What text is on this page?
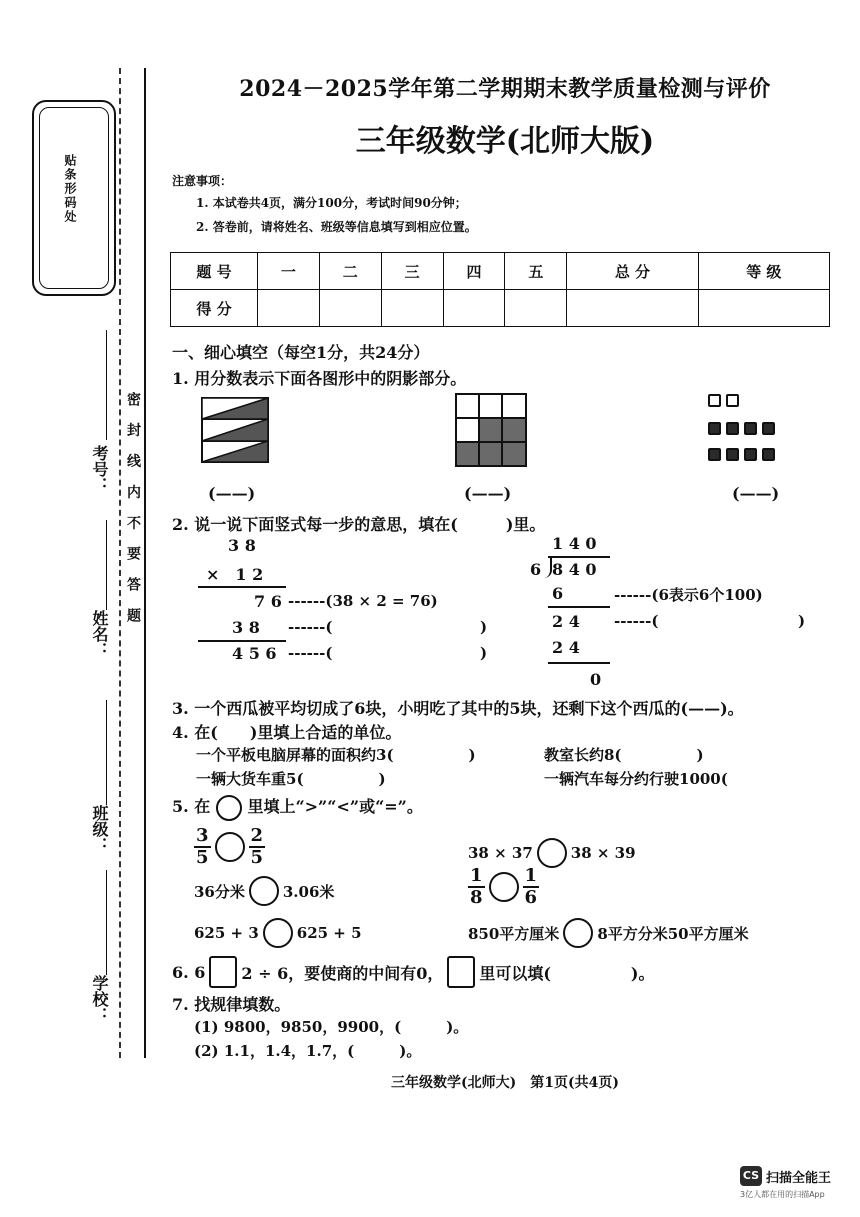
贴条形码处
密 封 线 内 不 要 答 题
考号：
姓名：
班级：
学校：
2024－2025学年第二学期期末教学质量检测与评价
三年级数学(北师大版)
注意事项：
1. 本试卷共4页，满分100分，考试时间90分钟；
2. 答卷前，请将姓名、班级等信息填写到相应位置。
题 号	一	二	三	四	五	总 分	等 级
得 分							
一、细心填空（每空1分，共24分）
1. 用分数表示下面各图形中的阴影部分。
(——)	(——)	(——)
2. 说一说下面竖式每一步的意思，填在(　　　)里。
3 8
×　1 2
7 6 ------(38 × 2 = 76)
3 8 ------(	)
4 5 6 ------(	)
1 4 0
6 8 4 0
6	------(6表示6个100)
2 4 ------(	)
2 4
0
3. 一个西瓜被平均切成了6块，小明吃了其中的5块，还剩下这个西瓜的(——)。
4. 在(　　)里填上合适的单位。
一个平板电脑屏幕的面积约3(　　　　　)	教室长约8(　　　　　)
一辆大货车重5(　　　　　)	一辆汽车每分约行驶1000(
5. 在 里填上“>”“<”或“=”。
$\frac{3}{5} \frac{2}{5}$	38 × 37	38 × 39
36分米	3.06米	$\frac{1}{8} \frac{1}{6}$
625 + 3	625 + 5	850平方厘米	8平方分米50平方厘米
6. 6 2 ÷ 6，要使商的中间有0， 里可以填(　　　　　)。
7. 找规律填数。
(1) 9800，9850，9900，(　　　)。
(2) 1.1，1.4，1.7，(　　　)。
三年级数学(北师大)　第1页(共4页)
CS 扫描全能王
3亿人都在用的扫描App
